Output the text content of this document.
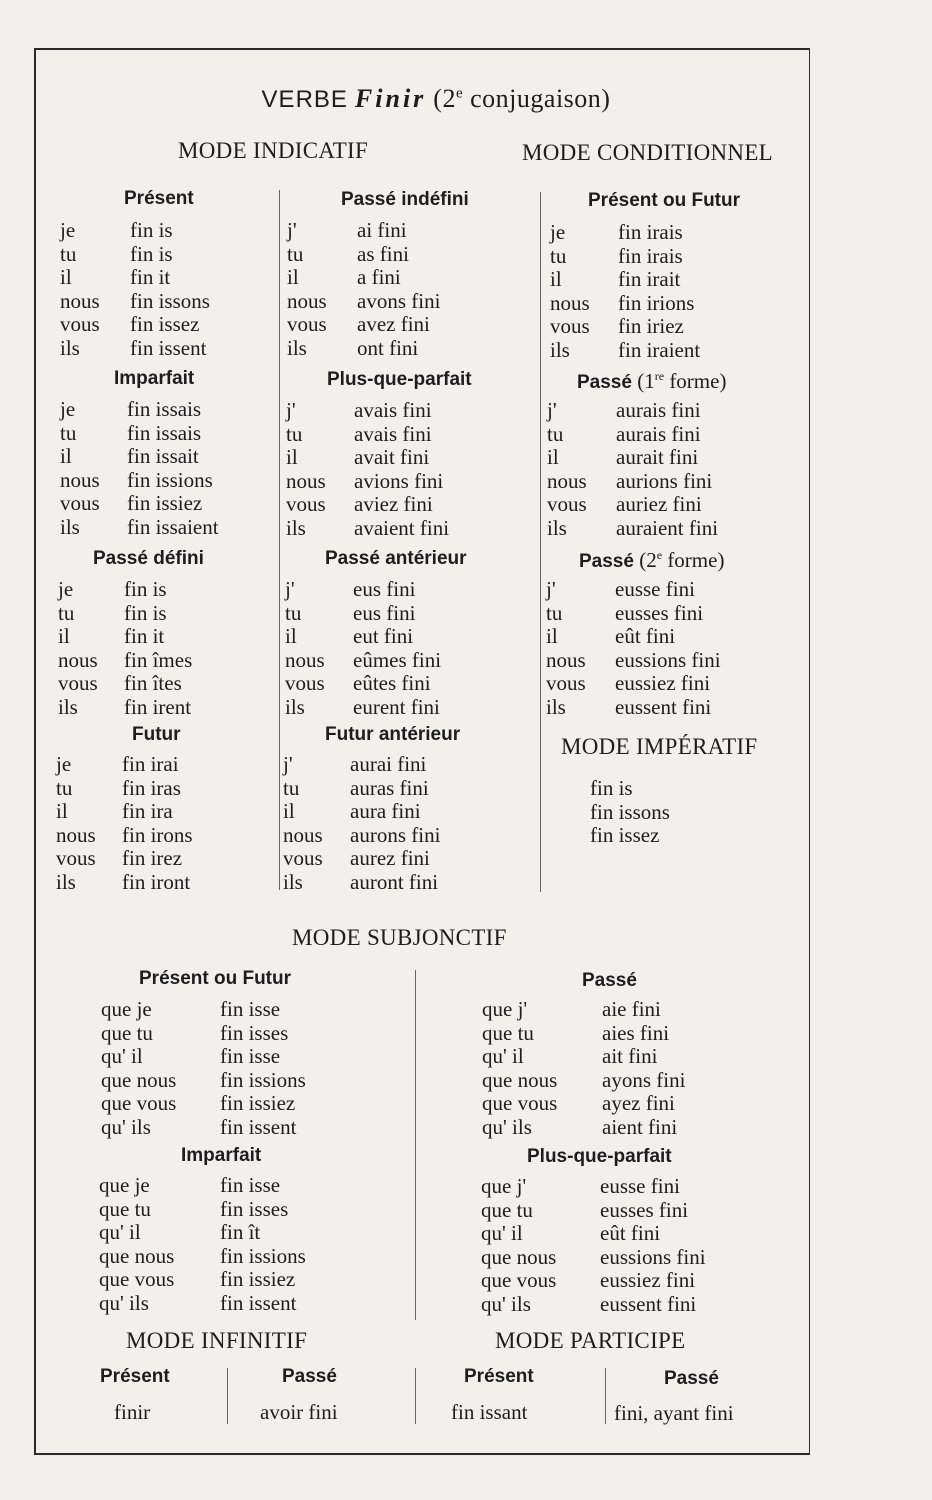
VERBE Finir (2e conjugaison)
MODE INDICATIF	MODE CONDITIONNEL
Présent
je	fin is
tu	fin is
il	fin it
nous fin issons
vous fin issez
ils fin issent
Imparfait
je fin issais
tu fin issais
il	fin issait
nous fin issions
vous fin issiez
ils fin issaient
Passé défini
je fin is
tu fin is
il	fin it
nous fin îmes
vous fin îtes
ils fin irent
Futur
je fin irai
tu fin iras
il	fin ira
nous fin irons
vous fin irez
ils fin iront
Passé indéfini
j'	ai fini
tu	as fini
il	a fini
nous avons fini
vous avez fini
ils ont fini
Plus-que-parfait
j'	avais fini
tu avais fini
il	avait fini
nous avions fini
vous aviez fini
ils avaient fini
Passé antérieur
j'	eus fini
tu eus fini
il	eut fini
nous eûmes fini
vous eûtes fini
ils eurent fini
Futur antérieur
j'	aurai fini
tu auras fini
il	aura fini
nous aurons fini
vous aurez fini
ils auront fini
Présent ou Futur
je	fin irais
tu fin irais
il	fin irait
nous fin irions
vous fin iriez
ils fin iraient
Passé (1re forme)
j'	aurais fini
tu	aurais fini
il	aurait fini
nous aurions fini
vous auriez fini
ils auraient fini
Passé (2e forme)
j'	eusse fini
tu	eusses fini
il	eût fini
nous eussions fini
vous eussiez fini
ils eussent fini
MODE IMPÉRATIF
fin is
fin issons
fin issez
MODE SUBJONCTIF
Présent ou Futur
que je	fin isse
que tu	fin isses
qu' il	fin isse
que nous fin issions
que vous fin issiez
qu' ils	fin issent
Imparfait
que je	fin isse
que tu	fin isses
qu' il	fin ît
que nous fin issions
que vous fin issiez
qu' ils	fin issent
Passé
que j'	aie fini
que tu	aies fini
qu' il	ait fini
que nous ayons fini
que vous ayez fini
qu' ils	aient fini
Plus-que-parfait
que j'	eusse fini
que tu	eusses fini
qu' il	eût fini
que nous eussions fini
que vous eussiez fini
qu' ils	eussent fini
MODE INFINITIF	MODE PARTICIPE
Présent	Passé
finir	avoir fini
Présent	Passé
fin issant	fini, ayant fini
